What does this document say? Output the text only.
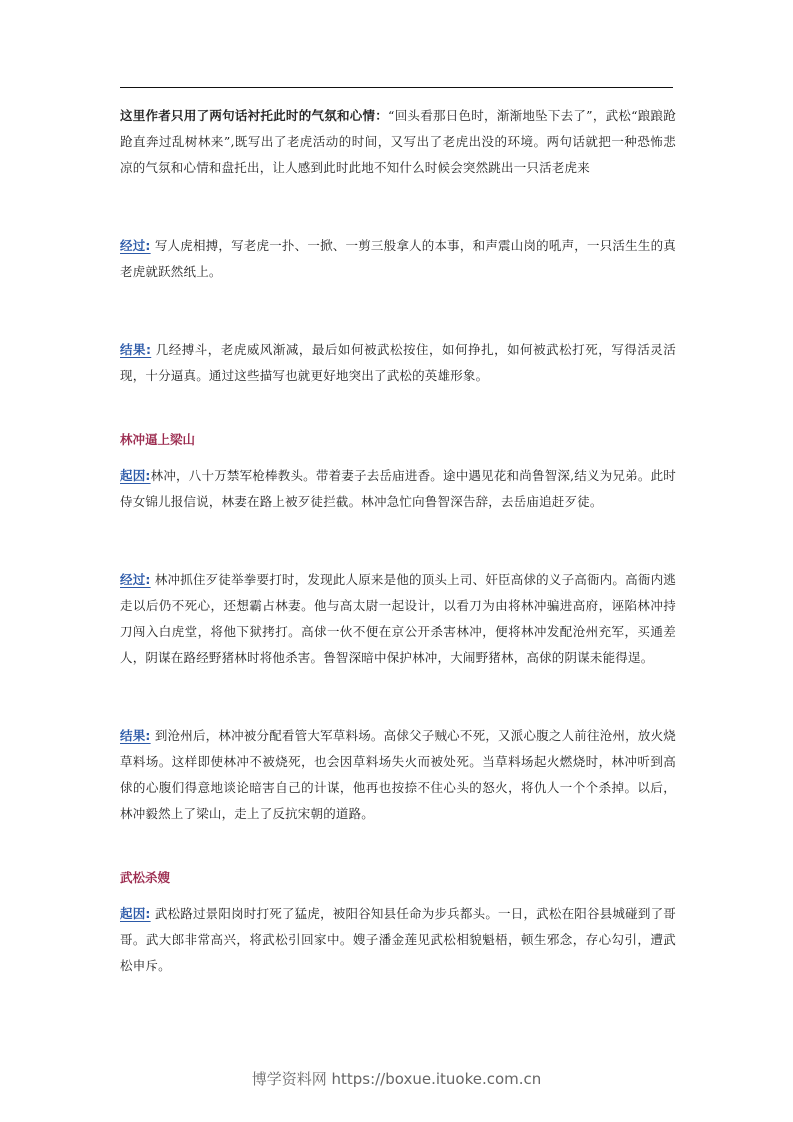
这里作者只用了两句话衬托此时的气氛和心情：“回头看那日色时，渐渐地坠下去了”，武松“踉踉跄跄直奔过乱树林来”,既写出了老虎活动的时间，又写出了老虎出没的环境。两句话就把一种恐怖悲凉的气氛和心情和盘托出，让人感到此时此地不知什么时候会突然跳出一只活老虎来

经过: 写人虎相搏，写老虎一扑、一掀、一剪三般拿人的本事，和声震山岗的吼声，一只活生生的真老虎就跃然纸上。

结果: 几经搏斗，老虎威风渐减，最后如何被武松按住，如何挣扎，如何被武松打死，写得活灵活现，十分逼真。通过这些描写也就更好地突出了武松的英雄形象。

林冲逼上梁山

起因:林冲，八十万禁军枪棒教头。带着妻子去岳庙进香。途中遇见花和尚鲁智深,结义为兄弟。此时侍女锦儿报信说，林妻在路上被歹徒拦截。林冲急忙向鲁智深告辞，去岳庙追赶歹徒。

经过: 林冲抓住歹徒举拳要打时，发现此人原来是他的顶头上司、奸臣高俅的义子高衙内。高衙内逃走以后仍不死心，还想霸占林妻。他与高太尉一起设计，以看刀为由将林冲骗进高府，诬陷林冲持刀闯入白虎堂，将他下狱拷打。高俅一伙不便在京公开杀害林冲，便将林冲发配沧州充军，买通差人，阴谋在路经野猪林时将他杀害。鲁智深暗中保护林冲，大闹野猪林，高俅的阴谋未能得逞。

结果: 到沧州后，林冲被分配看管大军草料场。高俅父子贼心不死，又派心腹之人前往沧州，放火烧草料场。这样即使林冲不被烧死，也会因草料场失火而被处死。当草料场起火燃烧时，林冲听到高俅的心腹们得意地谈论暗害自己的计谋，他再也按捺不住心头的怒火，将仇人一个个杀掉。以后，林冲毅然上了梁山，走上了反抗宋朝的道路。

武松杀嫂

起因: 武松路过景阳岗时打死了猛虎，被阳谷知县任命为步兵都头。一日，武松在阳谷县城碰到了哥哥。武大郎非常高兴，将武松引回家中。嫂子潘金莲见武松相貌魁梧，顿生邪念，存心勾引，遭武松申斥。

博学资料网 https://boxue.ituoke.com.cn
